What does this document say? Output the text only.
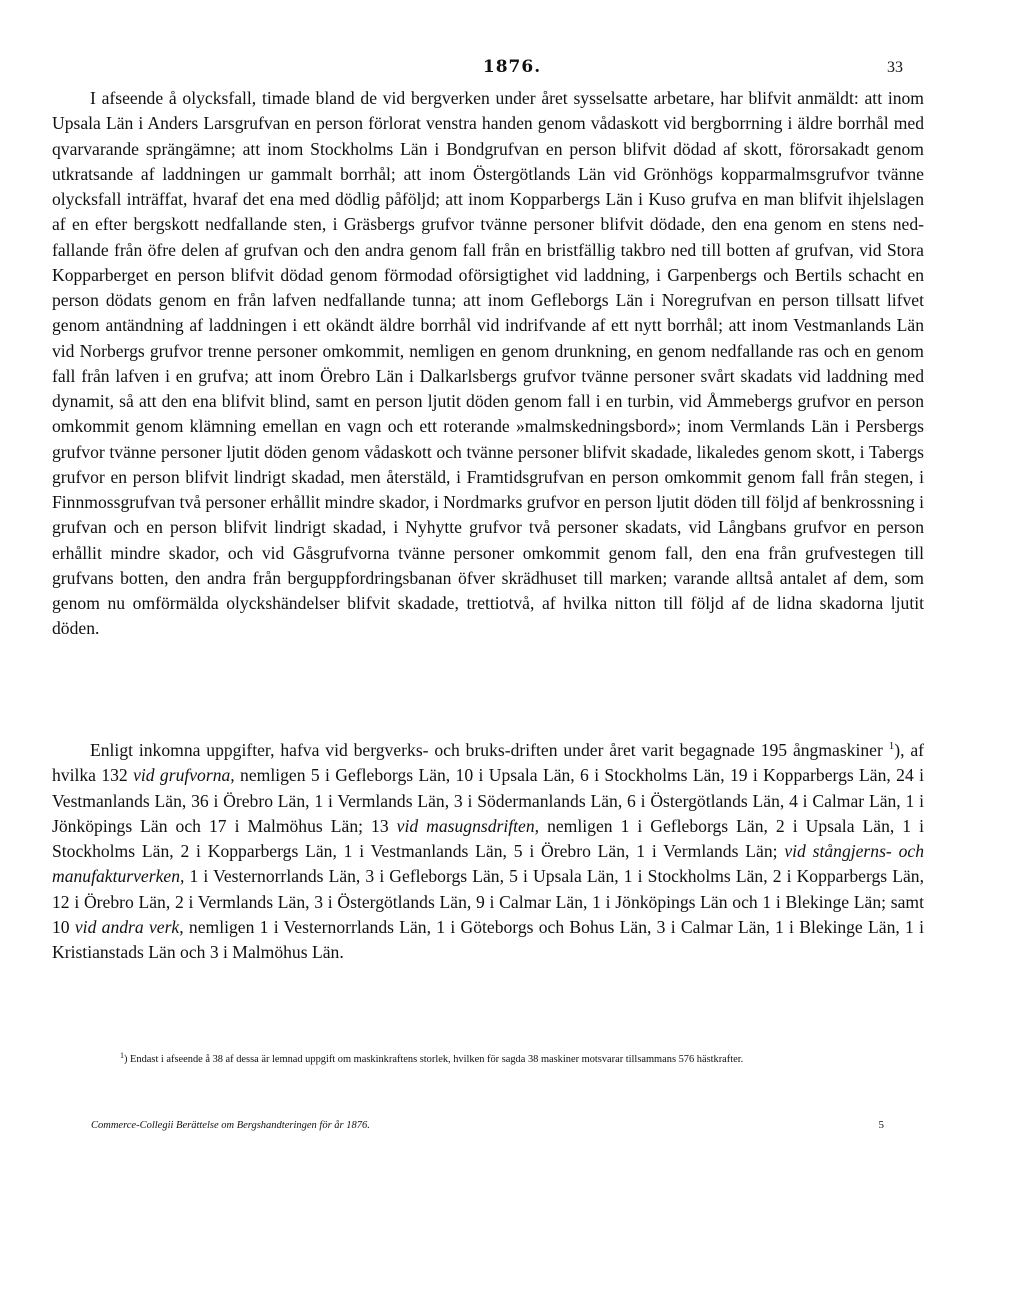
1876.	33

I afseende å olycksfall, timade bland de vid bergverken under året sysselsatte arbetare, har blifvit anmäldt: att inom Upsala Län i Anders Larsgrufvan en person förlorat venstra handen genom vådaskott vid bergborrning i äldre borrhål med qvarvarande sprängämne; att inom Stockholms Län i Bondgrufvan en person blifvit dödad af skott, förorsakadt genom utkratsande af laddningen ur gammalt borrhål; att inom Östergötlands Län vid Grönhögs kopparmalmsgrufvor tvänne olycksfall inträffat, hvaraf det ena med dödlig påföljd; att inom Kopparbergs Län i Kuso grufva en man blifvit ihjelslagen af en efter bergskott nedfallande sten, i Gräsbergs grufvor tvänne personer blifvit dödade, den ena genom en stens nedfallande från öfre delen af grufvan och den andra genom fall från en bristfällig takbro ned till botten af grufvan, vid Stora Kopparberget en person blifvit dödad genom förmodad oförsigtighet vid laddning, i Garpenbergs och Bertils schacht en person dödats genom en från lafven nedfallande tunna; att inom Gefleborgs Län i Noregrufvan en person tillsatt lifvet genom antändning af laddningen i ett okändt äldre borrhål vid indrifvande af ett nytt borrhål; att inom Vestmanlands Län vid Norbergs grufvor trenne personer omkommit, nemligen en genom drunkning, en genom nedfallande ras och en genom fall från lafven i en grufva; att inom Örebro Län i Dalkarlsbergs grufvor tvänne personer svårt skadats vid laddning med dynamit, så att den ena blifvit blind, samt en person ljutit döden genom fall i en turbin, vid Åmmebergs grufvor en person omkommit genom klämning emellan en vagn och ett roterande »malmskedningsbord»; inom Vermlands Län i Persbergs grufvor tvänne personer ljutit döden genom vådaskott och tvänne personer blifvit skadade, likaledes genom skott, i Tabergs grufvor en person blifvit lindrigt skadad, men återstäld, i Framtidsgrufvan en person omkommit genom fall från stegen, i Finnmossgrufvan två personer erhållit mindre skador, i Nordmarks grufvor en person ljutit döden till följd af benkrossning i grufvan och en person blifvit lindrigt skadad, i Nyhytte grufvor två personer skadats, vid Långbans grufvor en person erhållit mindre skador, och vid Gåsgrufvorna tvänne personer omkommit genom fall, den ena från grufvestegen till grufvans botten, den andra från berguppfordringsbanan öfver skrädhuset till marken; varande alltså antalet af dem, som genom nu omförmälda olyckshändelser blifvit skadade, trettiotvå, af hvilka nitton till följd af de lidna skadorna ljutit döden.

Enligt inkomna uppgifter, hafva vid bergverks- och bruks-driften under året varit begagnade 195 ångmaskiner $^1$), af hvilka 132 vid grufvorna, nemligen 5 i Gefleborgs Län, 10 i Upsala Län, 6 i Stockholms Län, 19 i Kopparbergs Län, 24 i Vestmanlands Län, 36 i Örebro Län, 1 i Vermlands Län, 3 i Södermanlands Län, 6 i Östergötlands Län, 4 i Calmar Län, 1 i Jönköpings Län och 17 i Malmöhus Län; 13 vid masugnsdriften, nemligen 1 i Gefleborgs Län, 2 i Upsala Län, 1 i Stockholms Län, 2 i Kopparbergs Län, 1 i Vestmanlands Län, 5 i Örebro Län, 1 i Vermlands Län; vid stångjerns- och manufakturverken, 1 i Vesternorrlands Län, 3 i Gefleborgs Län, 5 i Upsala Län, 1 i Stockholms Län, 2 i Kopparbergs Län, 12 i Örebro Län, 2 i Vermlands Län, 3 i Östergötlands Län, 9 i Calmar Län, 1 i Jönköpings Län och 1 i Blekinge Län; samt 10 vid andra verk, nemligen 1 i Vesternorrlands Län, 1 i Göteborgs och Bohus Län, 3 i Calmar Län, 1 i Blekinge Län, 1 i Kristianstads Län och 3 i Malmöhus Län.

$^1$) Endast i afseende å 38 af dessa är lemnad uppgift om maskinkraftens storlek, hvilken för sagda 38 maskiner motsvarar tillsammans 576 hästkrafter.

Commerce-Collegii Berättelse om Bergshandteringen för år 1876.	5
